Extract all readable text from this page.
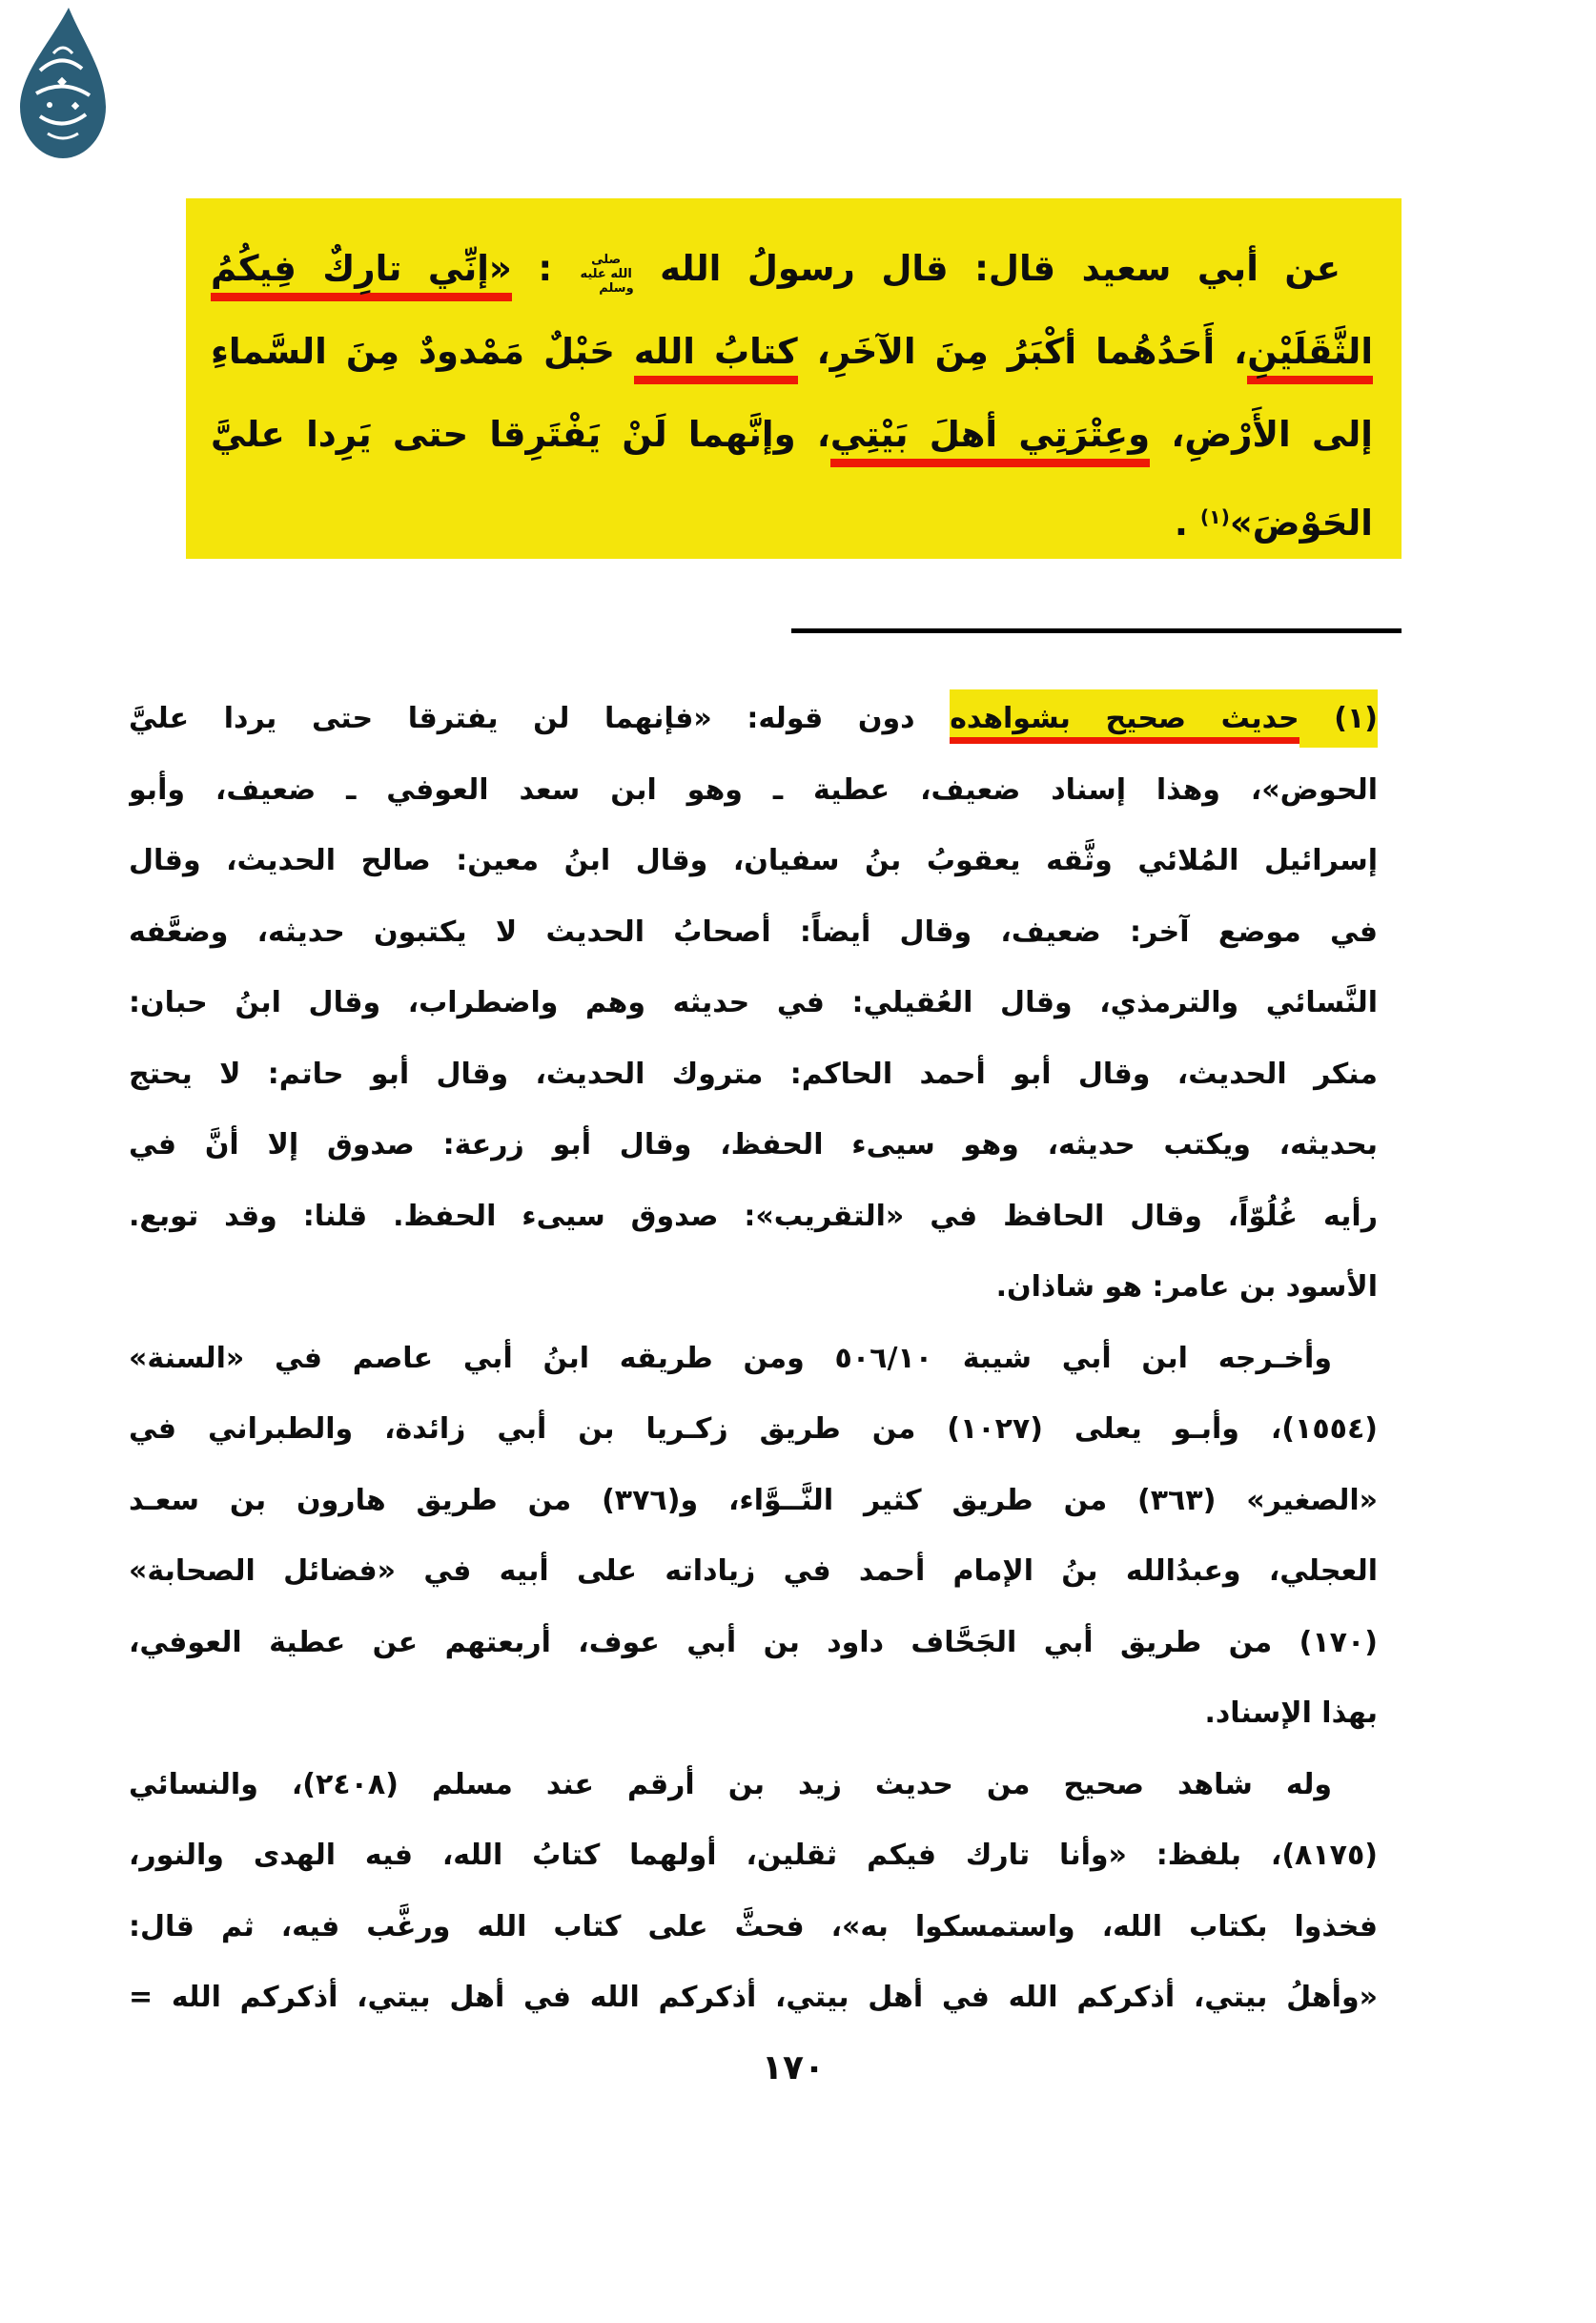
عن أبي سعيد قال: قال رسولُ الله صلى الله عليه وسلم : «إنِّي تارِكٌ فِيكُمُ
الثَّقَلَيْنِ، أَحَدُهُما أكْبَرُ مِنَ الآخَرِ، كتابُ الله حَبْلٌ مَمْدودٌ مِنَ السَّماءِ
إلى الأَرْضِ، وعِتْرَتِي أهلَ بَيْتِي، وإنَّهما لَنْ يَفْتَرِقا حتى يَرِدا عليَّ
الحَوْضَ»$^{(١)}$ .
(١) حديث صحيح بشواهده دون قوله: «فإنهما لن يفترقا حتى يردا عليَّ
الحوض»، وهذا إسناد ضعيف، عطية ـ وهو ابن سعد العوفي ـ ضعيف، وأبو
إسرائيل المُلائي وثَّقه يعقوبُ بنُ سفيان، وقال ابنُ معين: صالح الحديث، وقال
في موضع آخر: ضعيف، وقال أيضاً: أصحابُ الحديث لا يكتبون حديثه، وضعَّفه
النَّسائي والترمذي، وقال العُقيلي: في حديثه وهم واضطراب، وقال ابنُ حبان:
منكر الحديث، وقال أبو أحمد الحاكم: متروك الحديث، وقال أبو حاتم: لا يحتج
بحديثه، ويكتب حديثه، وهو سيىء الحفظ، وقال أبو زرعة: صدوق إلا أنَّ في
رأيه غُلُوّاً، وقال الحافظ في «التقريب»: صدوق سيىء الحفظ. قلنا: وقد توبع.
الأسود بن عامر: هو شاذان.
وأخـرجه ابن أبي شيبة ٥٠٦/١٠ ومن طريقه ابنُ أبي عاصم في «السنة»
(١٥٥٤)، وأبـو يعلى (١٠٢٧) من طريق زكـريا بن أبي زائدة، والطبراني في
«الصغير» (٣٦٣) من طريق كثير النَّــوَّاء، و(٣٧٦) من طريق هارون بن سعـد
العجلي، وعبدُالله بنُ الإمام أحمد في زياداته على أبيه في «فضائل الصحابة»
(١٧٠) من طريق أبي الجَحَّاف داود بن أبي عوف، أربعتهم عن عطية العوفي،
بهذا الإسناد.
وله شاهد صحيح من حديث زيد بن أرقم عند مسلم (٢٤٠٨)، والنسائي
(٨١٧٥)، بلفظ: «وأنا تارك فيكم ثقلين، أولهما كتابُ الله، فيه الهدى والنور،
فخذوا بكتاب الله، واستمسكوا به»، فحثَّ على كتاب الله ورغَّب فيه، ثم قال:
«وأهلُ بيتي، أذكركم الله في أهل بيتي، أذكركم الله في أهل بيتي، أذكركم الله =
١٧٠
